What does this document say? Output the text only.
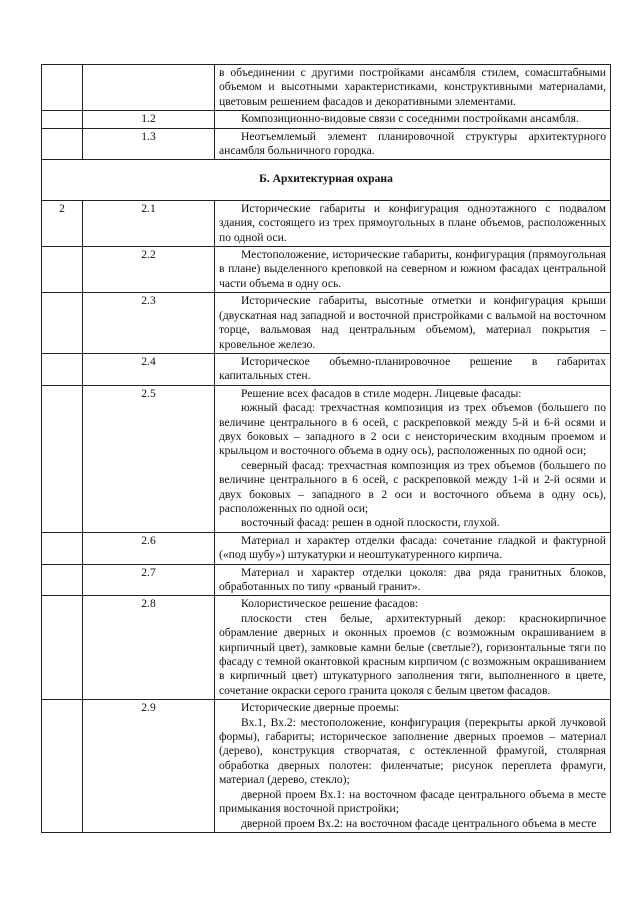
		в объединении с другими постройками ансамбля стилем, сомасштабными объемом и высотными характеристиками, конструктивными материалами, цветовым решением фасадов и декоративными элементами.

	1.2	Композиционно-видовые связи с соседними постройками ансамбля.

	1.3	Неотъемлемый элемент планировочной структуры архитектурного ансамбля больничного городка.

Б. Архитектурная охрана		
2	2.1	Исторические габариты и конфигурация одноэтажного с подвалом здания, состоящего из трех прямоугольных в плане объемов, расположенных по одной оси.

	2.2	Местоположение, исторические габариты, конфигурация (прямоугольная в плане) выделенного креповкой на северном и южном фасадах центральной части объема в одну ось.

	2.3	Исторические габариты, высотные отметки и конфигурация крыши (двускатная над западной и восточной пристройками с вальмой на восточном торце, вальмовая над центральным объемом), материал покрытия – кровельное железо.

	2.4	Историческое объемно-планировочное решение в габаритах капитальных стен.

	2.5	Решение всех фасадов в стиле модерн. Лицевые фасады:
южный фасад: трехчастная композиция из трех объемов (большего по величине центрального в 6 осей, с раскреповкой между 5-й и 6-й осями и двух боковых – западного в 2 оси с неисторическим входным проемом и крыльцом и восточного объема в одну ось), расположенных по одной оси;
северный фасад: трехчастная композиция из трех объемов (большего по величине центрального в 6 осей, с раскреповкой между 1-й и 2-й осями и двух боковых – западного в 2 оси и восточного объема в одну ось), расположенных по одной оси;
восточный фасад: решен в одной плоскости, глухой.

	2.6	Материал и характер отделки фасада: сочетание гладкой и фактурной («под шубу») штукатурки и неоштукатуренного кирпича.

	2.7	Материал и характер отделки цоколя: два ряда гранитных блоков, обработанных по типу «рваный гранит».

	2.8	Колористическое решение фасадов:
плоскости стен белые, архитектурный декор: краснокирпичное обрамление дверных и оконных проемов (с возможным окрашиванием в кирпичный цвет), замковые камни белые (светлые?), горизонтальные тяги по фасаду с темной окантовкой красным кирпичом (с возможным окрашиванием в кирпичный цвет) штукатурного заполнения тяги, выполненного в цвете, сочетание окраски серого гранита цоколя с белым цветом фасадов.

	2.9	Исторические дверные проемы:
Вх.1, Вх.2: местоположение, конфигурация (перекрыты аркой лучковой формы), габариты; историческое заполнение дверных проемов – материал (дерево), конструкция створчатая, с остекленной фрамугой, столярная обработка дверных полотен: филенчатые; рисунок переплета фрамуги, материал (дерево, стекло);
дверной проем Вх.1: на восточном фасаде центрального объема в месте примыкания восточной пристройки;
дверной проем Вх.2: на восточном фасаде центрального объема в месте
